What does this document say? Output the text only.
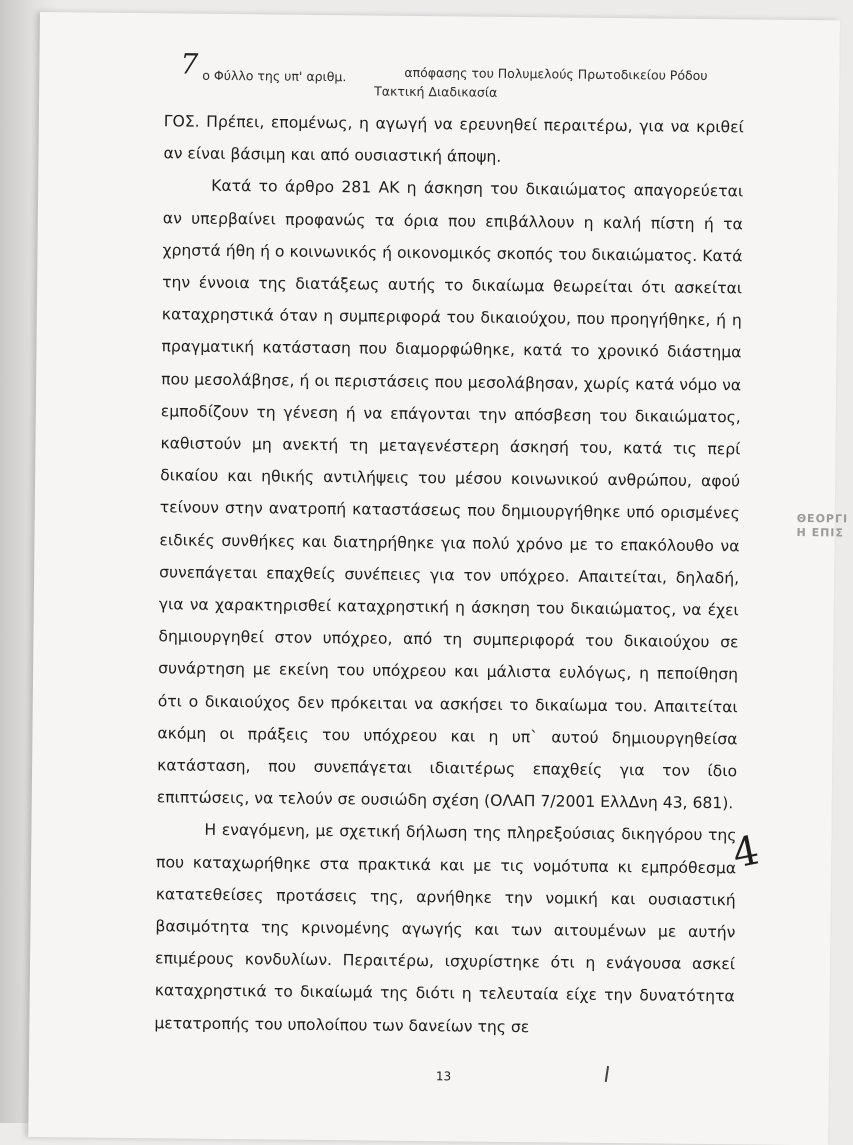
7 ο Φύλλο της υπ' αριθμ.	απόφασης του Πολυμελούς Πρωτοδικείου Ρόδου
Τακτική Διαδικασία

ΓΟΣ. Πρέπει, επομένως, η αγωγή να ερευνηθεί περαιτέρω, για να κριθεί αν είναι βάσιμη και από ουσιαστική άποψη.

Κατά το άρθρο 281 ΑΚ η άσκηση του δικαιώματος απαγορεύεται αν υπερβαίνει προφανώς τα όρια που επιβάλλουν η καλή πίστη ή τα χρηστά ήθη ή ο κοινωνικός ή οικονομικός σκοπός του δικαιώματος. Κατά την έννοια της διατάξεως αυτής το δικαίωμα θεωρείται ότι ασκείται καταχρηστικά όταν η συμπεριφορά του δικαιούχου, που προηγήθηκε, ή η πραγματική κατάσταση που διαμορφώθηκε, κατά το χρονικό διάστημα που μεσολάβησε, ή οι περιστάσεις που μεσολάβησαν, χωρίς κατά νόμο να εμποδίζουν τη γένεση ή να επάγονται την απόσβεση του δικαιώματος, καθιστούν μη ανεκτή τη μεταγενέστερη άσκησή του, κατά τις περί δικαίου και ηθικής αντιλήψεις του μέσου κοινωνικού ανθρώπου, αφού τείνουν στην ανατροπή καταστάσεως που δημιουργήθηκε υπό ορισμένες ειδικές συνθήκες και διατηρήθηκε για πολύ χρόνο με το επακόλουθο να συνεπάγεται επαχθείς συνέπειες για τον υπόχρεο. Απαιτείται, δηλαδή, για να χαρακτηρισθεί καταχρηστική η άσκηση του δικαιώματος, να έχει δημιουργηθεί στον υπόχρεο, από τη συμπεριφορά του δικαιούχου σε συνάρτηση με εκείνη του υπόχρεου και μάλιστα ευλόγως, η πεποίθηση ότι ο δικαιούχος δεν πρόκειται να ασκήσει το δικαίωμα του. Απαιτείται ακόμη οι πράξεις του υπόχρεου και η υπ` αυτού δημιουργηθείσα κατάσταση, που συνεπάγεται ιδιαιτέρως επαχθείς για τον ίδιο επιπτώσεις, να τελούν σε ουσιώδη σχέση (ΟΛΑΠ 7/2001 ΕλλΔνη 43, 681).

Η εναγόμενη, με σχετική δήλωση της πληρεξούσιας δικηγόρου της που καταχωρήθηκε στα πρακτικά και με τις νομότυπα κι εμπρόθεσμα κατατεθείσες προτάσεις της, αρνήθηκε την νομική και ουσιαστική βασιμότητα της κρινομένης αγωγής και των αιτουμένων με αυτήν επιμέρους κονδυλίων. Περαιτέρω, ισχυρίστηκε ότι η ενάγουσα ασκεί καταχρηστικά το δικαίωμά της διότι η τελευταία είχε την δυνατότητα μετατροπής του υπολοίπου των δανείων της σε

4
ΘΕΟΡΓΙ
Η ΕΠΙΣ
13
